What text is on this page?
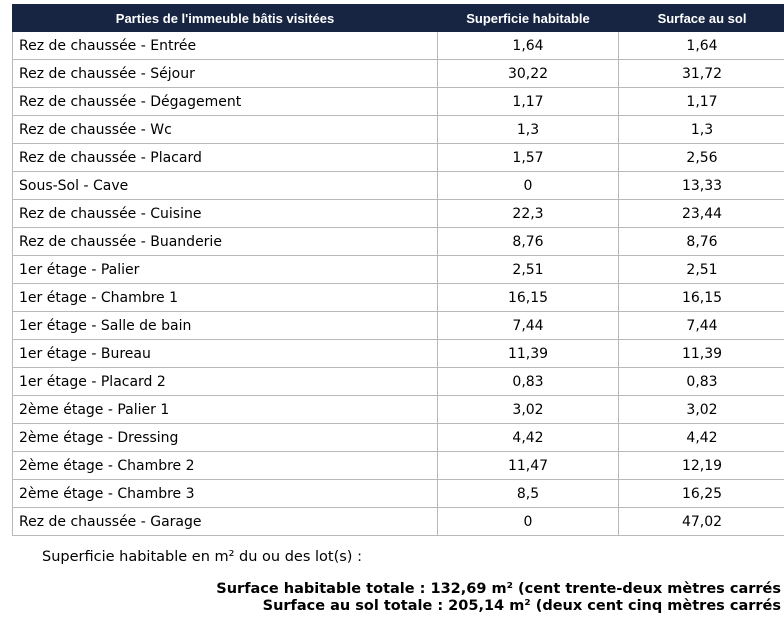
Parties de l'immeuble bâtis visitées	Superficie habitable	Surface au sol
Rez de chaussée - Entrée	1,64	1,64
Rez de chaussée - Séjour	30,22	31,72
Rez de chaussée - Dégagement	1,17	1,17
Rez de chaussée - Wc	1,3	1,3
Rez de chaussée - Placard	1,57	2,56
Sous-Sol - Cave	0	13,33
Rez de chaussée - Cuisine	22,3	23,44
Rez de chaussée - Buanderie	8,76	8,76
1er étage - Palier	2,51	2,51
1er étage - Chambre 1	16,15	16,15
1er étage - Salle de bain	7,44	7,44
1er étage - Bureau	11,39	11,39
1er étage - Placard 2	0,83	0,83
2ème étage - Palier 1	3,02	3,02
2ème étage - Dressing	4,42	4,42
2ème étage - Chambre 2	11,47	12,19
2ème étage - Chambre 3	8,5	16,25
Rez de chaussée - Garage	0	47,02
Superficie habitable en m² du ou des lot(s) :
Surface habitable totale : 132,69 m² (cent trente-deux mètres carrés
Surface au sol totale : 205,14 m² (deux cent cinq mètres carrés
